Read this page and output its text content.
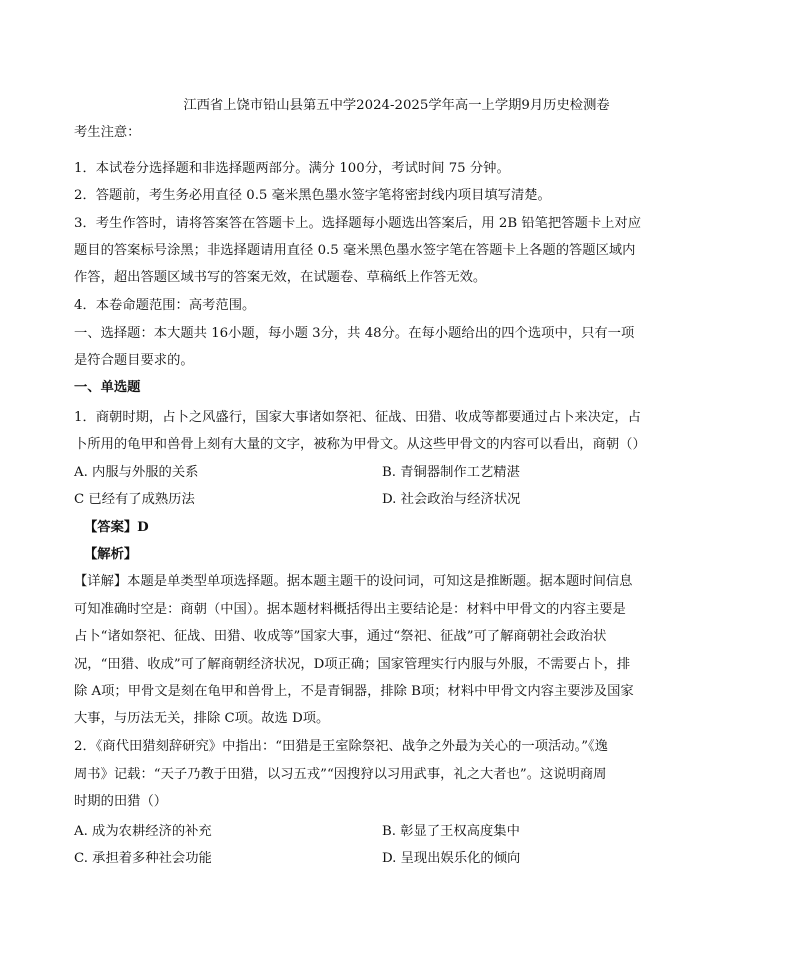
江西省上饶市铅山县第五中学2024-2025学年高一上学期9月历史检测卷
考生注意：
1．本试卷分选择题和非选择题两部分。满分 100分，考试时间 75 分钟。
2．答题前，考生务必用直径 0.5 毫米黑色墨水签字笔将密封线内项目填写清楚。
3．考生作答时，请将答案答在答题卡上。选择题每小题选出答案后，用 2B 铅笔把答题卡上对应
题目的答案标号涂黑；非选择题请用直径 0.5 毫米黑色墨水签字笔在答题卡上各题的答题区域内
作答，超出答题区域书写的答案无效，在试题卷、草稿纸上作答无效。
4．本卷命题范围：高考范围。
一、选择题：本大题共 16小题，每小题 3分，共 48分。在每小题给出的四个选项中，只有一项
是符合题目要求的。
一、单选题
1．商朝时期，占卜之风盛行，国家大事诸如祭祀、征战、田猎、收成等都要通过占卜来决定，占
卜所用的龟甲和兽骨上刻有大量的文字，被称为甲骨文。从这些甲骨文的内容可以看出，商朝（）
A. 内服与外服的关系	B. 青铜器制作工艺精湛
C 已经有了成熟历法	D. 社会政治与经济状况
【答案】D
【解析】
【详解】本题是单类型单项选择题。据本题主题干的设问词，可知这是推断题。据本题时间信息
可知准确时空是：商朝（中国）。据本题材料概括得出主要结论是：材料中甲骨文的内容主要是
占卜“诸如祭祀、征战、田猎、收成等”国家大事，通过“祭祀、征战”可了解商朝社会政治状
况，“田猎、收成”可了解商朝经济状况，D项正确；国家管理实行内服与外服，不需要占卜，排
除 A项；甲骨文是刻在龟甲和兽骨上，不是青铜器，排除 B项；材料中甲骨文内容主要涉及国家
大事，与历法无关，排除 C项。故选 D项。
2．《商代田猎刻辞研究》中指出：“田猎是王室除祭祀、战争之外最为关心的一项活动。”《逸
周书》记载：“天子乃教于田猎，以习五戎”“因搜狩以习用武事，礼之大者也”。这说明商周
时期的田猎（）
A. 成为农耕经济的补充	B. 彰显了王权高度集中
C. 承担着多种社会功能	D. 呈现出娱乐化的倾向
